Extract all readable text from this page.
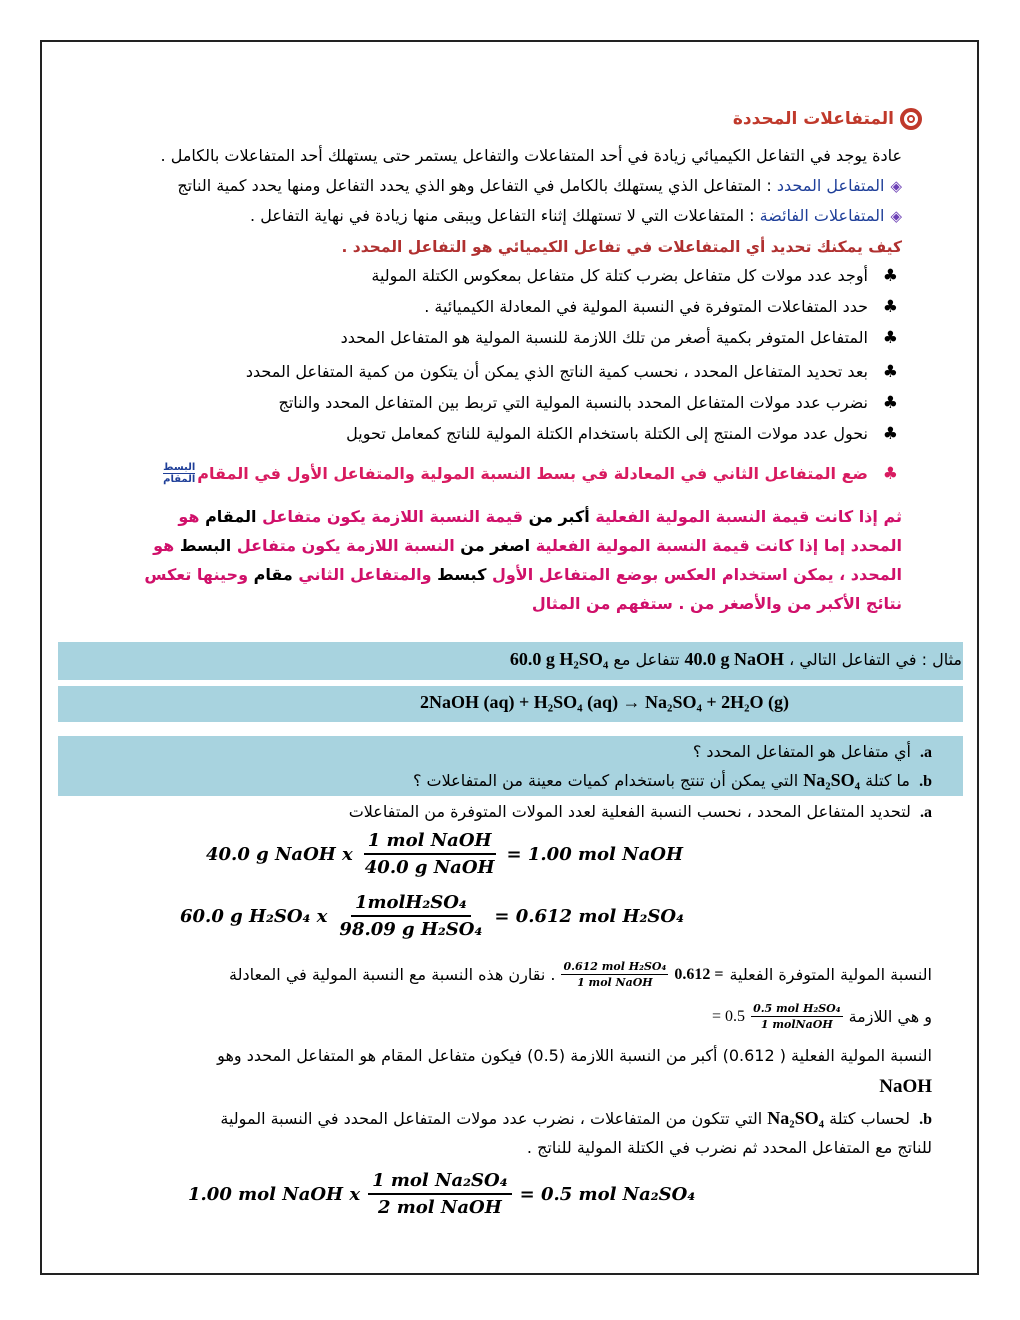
المتفاعلات المحددة
عادة يوجد في التفاعل الكيميائي زيادة في أحد المتفاعلات والتفاعل يستمر حتى يستهلك أحد المتفاعلات بالكامل .
◈المتفاعل المحدد : المتفاعل الذي يستهلك بالكامل في التفاعل وهو الذي يحدد التفاعل ومنها يحدد كمية الناتج
◈المتفاعلات الفائضة : المتفاعلات التي لا تستهلك إثناء التفاعل ويبقى منها زيادة في نهاية التفاعل .
كيف يمكنك تحديد أي المتفاعلات في تفاعل الكيميائي هو التفاعل المحدد .
♣
أوجد عدد مولات كل متفاعل بضرب كتلة كل متفاعل بمعكوس الكتلة المولية
♣
حدد المتفاعلات المتوفرة في النسبة المولية في المعادلة الكيميائية .
♣
المتفاعل المتوفر بكمية أصغر من تلك اللازمة للنسبة المولية هو المتفاعل المحدد
♣
بعد تحديد المتفاعل المحدد ، نحسب كمية الناتج الذي يمكن أن يتكون من كمية المتفاعل المحدد
♣
نضرب عدد مولات المتفاعل المحدد بالنسبة المولية التي تربط بين المتفاعل المحدد والناتج
♣
نحول عدد مولات المنتج إلى الكتلة باستخدام الكتلة المولية للناتج كمعامل تحويل
♣
ضع المتفاعل الثاني في المعادلة في بسط النسبة المولية والمتفاعل الأول في المقام
$\frac{\text{البسط}}{\text{المقام}}$
ثم إذا كانت قيمة النسبة المولية الفعلية أكبر من قيمة النسبة اللازمة يكون متفاعل المقام هو المحدد إما إذا كانت قيمة النسبة المولية الفعلية اصغر من النسبة اللازمة يكون متفاعل البسط هو المحدد ، يمكن استخدام العكس بوضع المتفاعل الأول كبسط والمتفاعل الثاني مقام وحينها تعكس نتائج الأكبر من والأصغر من . ستفهم من المثال
مثال : في التفاعل التالي ، 40.0 g NaOH تتفاعل مع 60.0 g H₂SO₄
2NaOH (aq) + H₂SO₄ (aq) → Na₂SO₄ + 2H₂O (g)
a. أي متفاعل هو المتفاعل المحدد ؟
b. ما كتلة Na₂SO₄ التي يمكن أن تنتج باستخدام كميات معينة من المتفاعلات ؟
a. لتحديد المتفاعل المحدد ، نحسب النسبة الفعلية لعدد المولات المتوفرة من المتفاعلات
40.0 g NaOH x $\frac{\text{1 mol NaOH}}{\text{40.0 g NaOH}} = 1.00$ mol NaOH
60.0 g H₂SO₄ x $\frac{\text{1molH₂SO₄}}{\text{98.09 g H₂SO₄}} = 0.612$ mol H₂SO₄
النسبة المولية المتوفرة الفعلية
0.612 =
$\frac{\text{0.612 mol H₂SO₄}}{\text{1 mol NaOH}}$
. نقارن هذه النسبة مع النسبة المولية في المعادلة
و هي اللازمة
$\frac{\text{0.5 mol H₂SO₄}}{\text{1 molNaOH}}$
= 0.5
النسبة المولية الفعلية ( 0.612) أكبر من النسبة اللازمة (0.5) فيكون متفاعل المقام هو المتفاعل المحدد وهو
NaOH
b. لحساب كتلة Na₂SO₄ التي تتكون من المتفاعلات ، نضرب عدد مولات المتفاعل المحدد في النسبة المولية
للناتج مع المتفاعل المحدد ثم نضرب في الكتلة المولية للناتج .
1.00 mol NaOH x $\frac{\text{1 mol Na₂SO₄}}{\text{2 mol NaOH}} = 0.5$ mol Na₂SO₄
